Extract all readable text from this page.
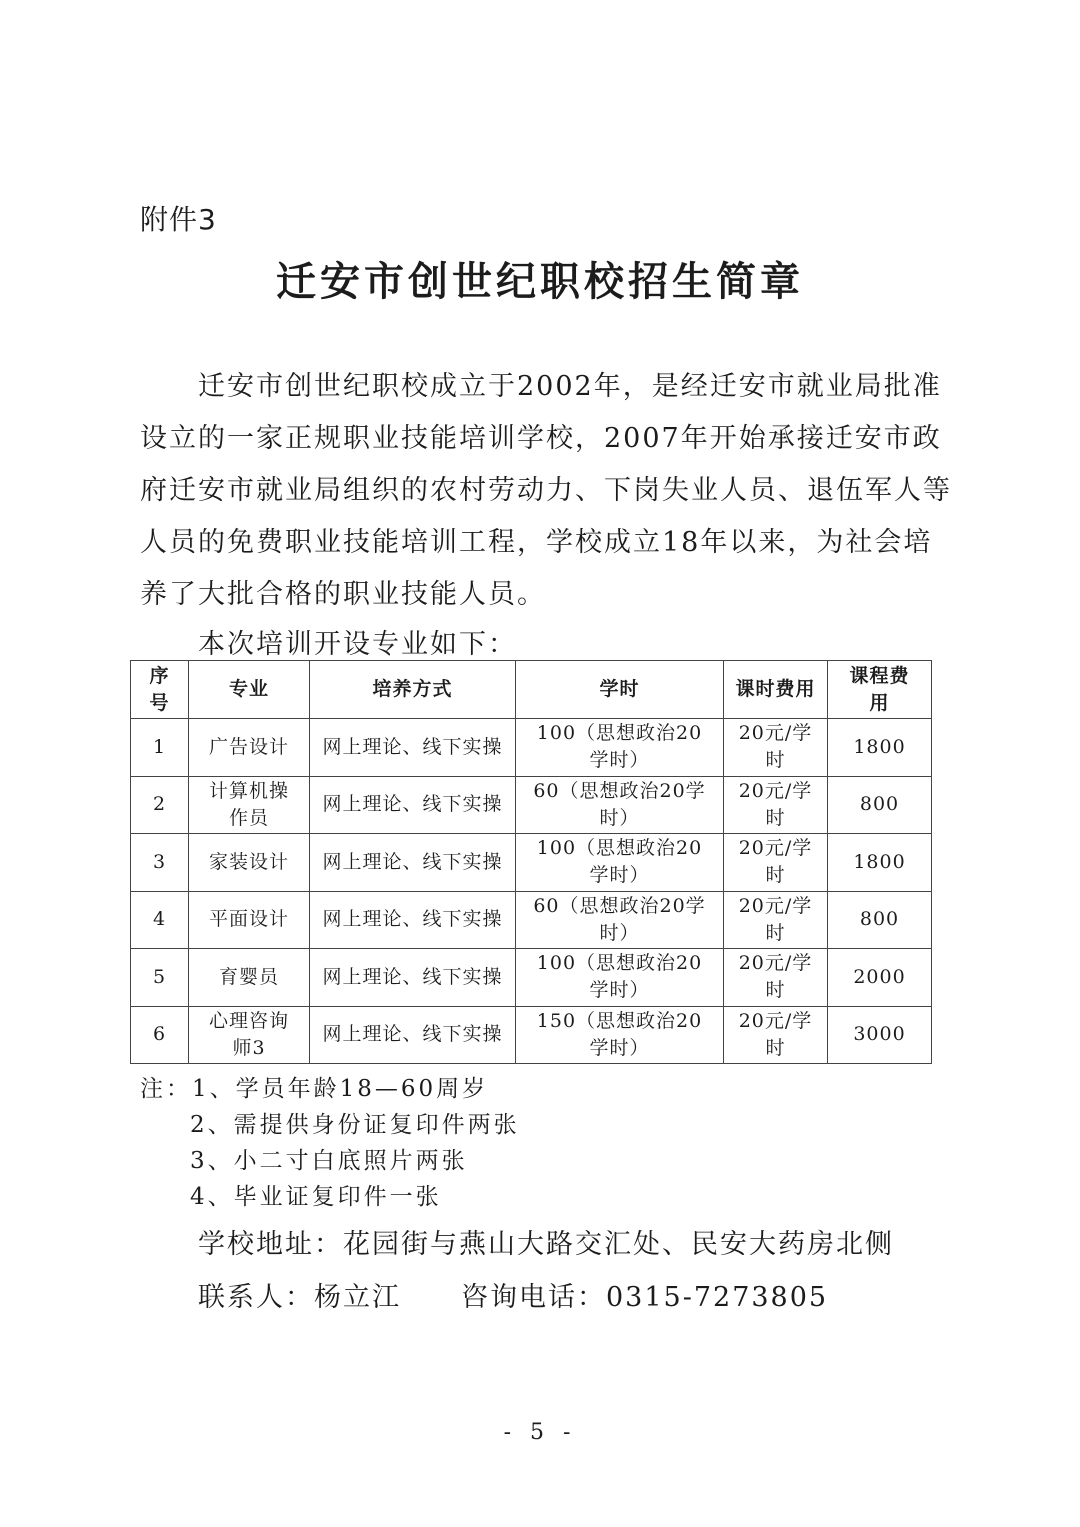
附件3
迁安市创世纪职校招生简章
迁安市创世纪职校成立于2002年，是经迁安市就业局批准
设立的一家正规职业技能培训学校，2007年开始承接迁安市政
府迁安市就业局组织的农村劳动力、下岗失业人员、退伍军人等
人员的免费职业技能培训工程，学校成立18年以来，为社会培
养了大批合格的职业技能人员。
本次培训开设专业如下：
序
号	专业	培养方式	学时	课时费用	课程费
用
1	广告设计	网上理论、线下实操	100（思想政治20
学时）	20元/学
时	1800
2	计算机操
作员	网上理论、线下实操	60（思想政治20学
时）	20元/学
时	800
3	家装设计	网上理论、线下实操	100（思想政治20
学时）	20元/学
时	1800
4	平面设计	网上理论、线下实操	60（思想政治20学
时）	20元/学
时	800
5	育婴员	网上理论、线下实操	100（思想政治20
学时）	20元/学
时	2000
6	心理咨询
师3	网上理论、线下实操	150（思想政治20
学时）	20元/学
时	3000
注：1、学员年龄18—60周岁
2、需提供身份证复印件两张
3、小二寸白底照片两张
4、毕业证复印件一张
学校地址：花园街与燕山大路交汇处、民安大药房北侧
联系人：杨立江 咨询电话：0315-7273805
- 5 -
